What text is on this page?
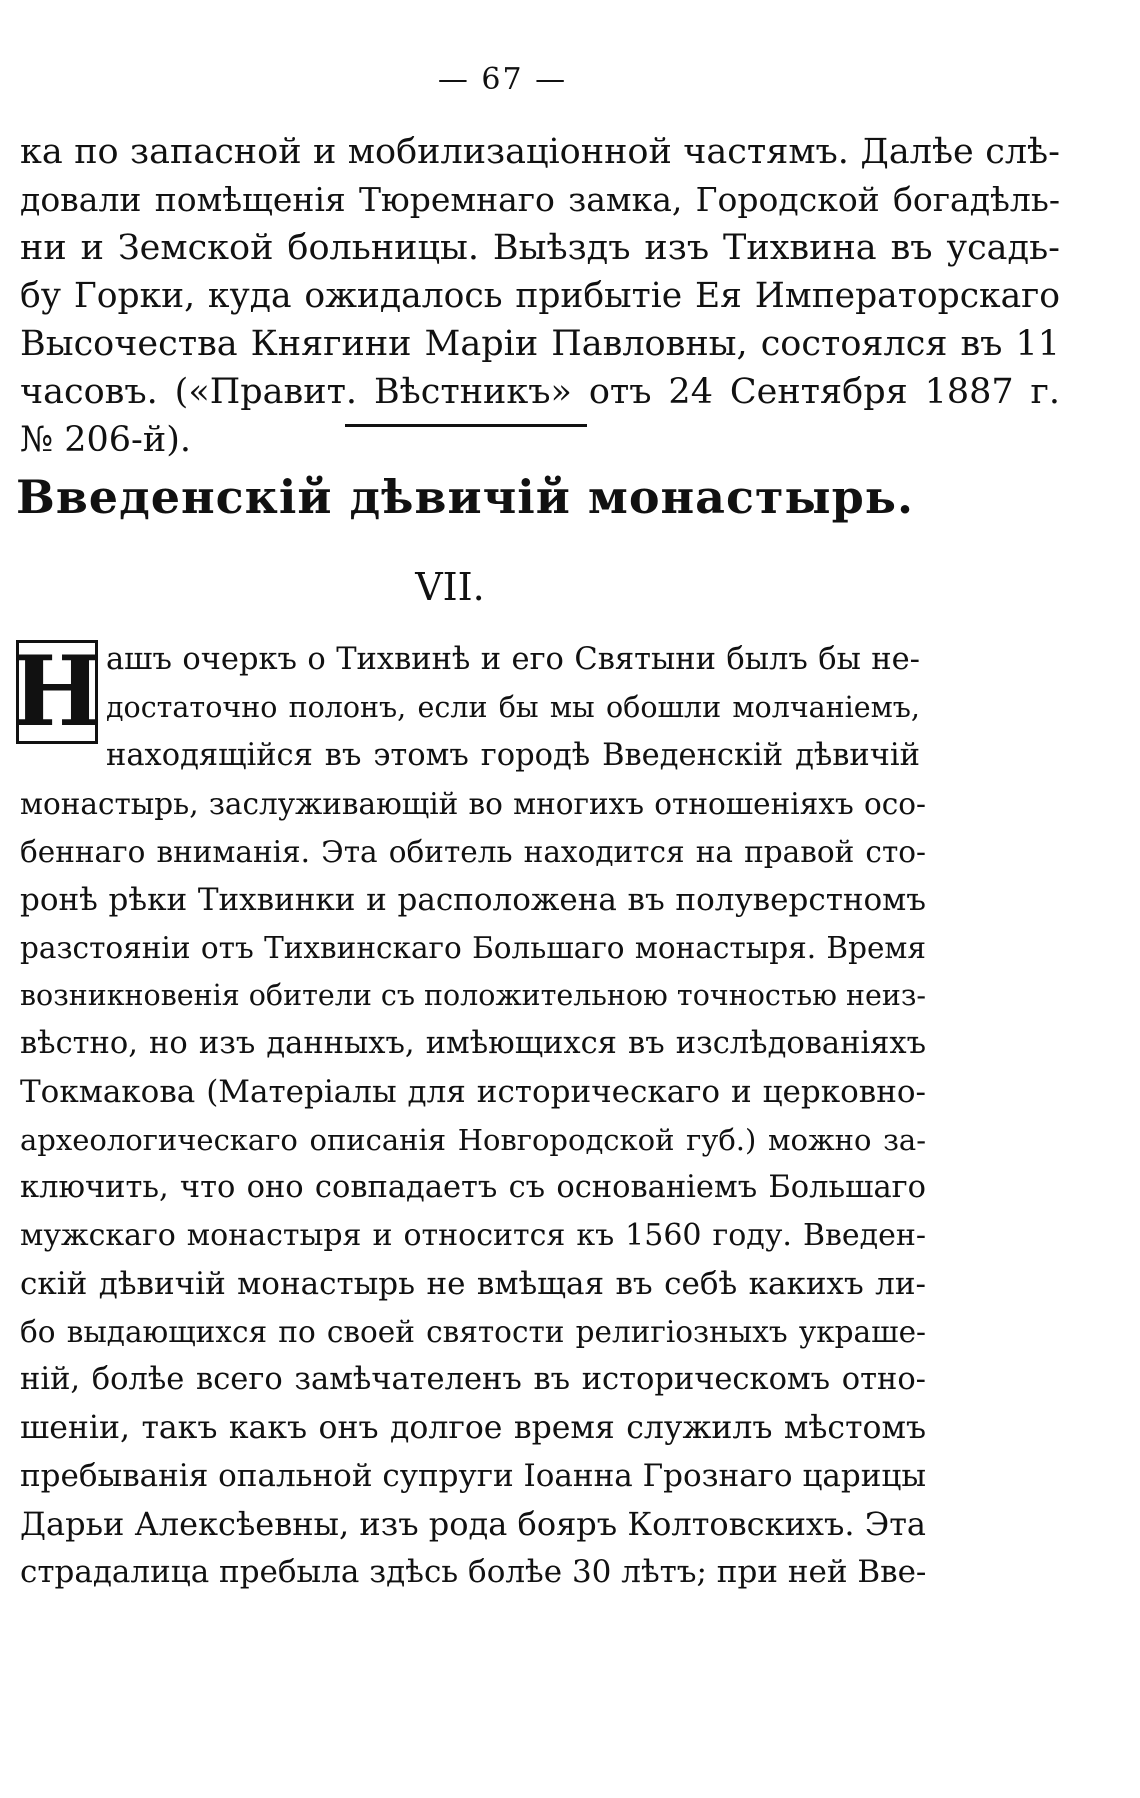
— 67 —
ка по запасной и мобилизаціонной частямъ. Далѣе слѣ-
довали помѣщенія Тюремнаго замка, Городской богадѣль-
ни и Земской больницы. Выѣздъ изъ Тихвина въ усадь-
бу Горки, куда ожидалось прибытіе Ея Императорскаго
Высочества Княгини Маріи Павловны, состоялся въ 11
часовъ. («Правит. Вѣстникъ» отъ 24 Сентября 1887 г.
№ 206-й).
Введенскій дѣвичій монастырь.
VII.
Н ашъ очеркъ о Тихвинѣ и его Святыни былъ бы не-
достаточно полонъ, если бы мы обошли молчаніемъ,
находящійся въ этомъ городѣ Введенскій дѣвичій
монастырь, заслуживающій во многихъ отношеніяхъ осо-
беннаго вниманія. Эта обитель находится на правой сто-
ронѣ рѣки Тихвинки и расположена въ полуверстномъ
разстояніи отъ Тихвинскаго Большаго монастыря. Время
возникновенія обители съ положительною точностью неиз-
вѣстно, но изъ данныхъ, имѣющихся въ изслѣдованіяхъ
Токмакова (Матеріалы для историческаго и церковно-
археологическаго описанія Новгородской губ.) можно за-
ключить, что оно совпадаетъ съ основаніемъ Большаго
мужскаго монастыря и относится къ 1560 году. Введен-
скій дѣвичій монастырь не вмѣщая въ себѣ какихъ ли-
бо выдающихся по своей святости религіозныхъ украше-
ній, болѣе всего замѣчателенъ въ историческомъ отно-
шеніи, такъ какъ онъ долгое время служилъ мѣстомъ
пребыванія опальной супруги Іоанна Грознаго царицы
Дарьи Алексѣевны, изъ рода бояръ Колтовскихъ. Эта
страдалица пребыла здѣсь болѣе 30 лѣтъ; при ней Вве-
